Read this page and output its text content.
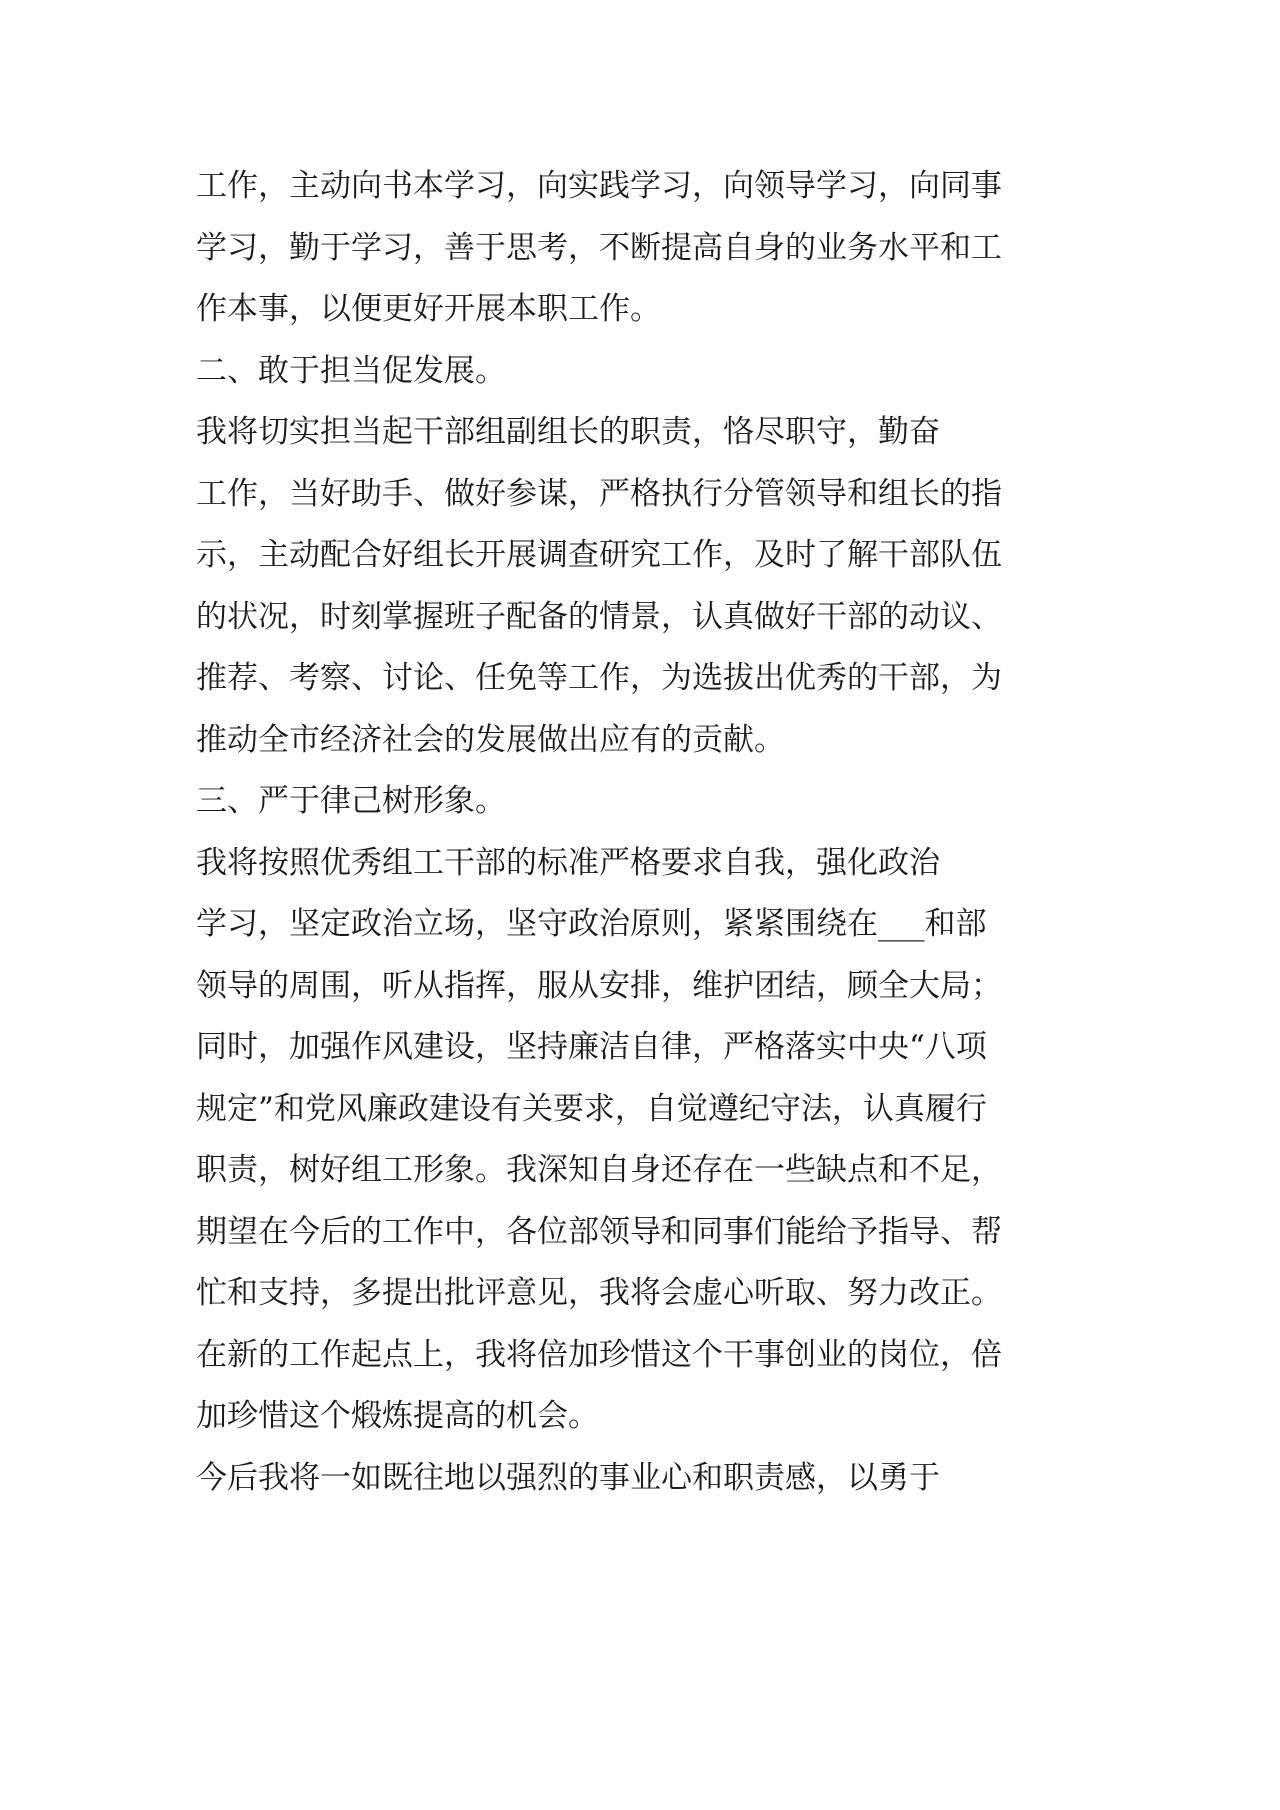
工作，主动向书本学习，向实践学习，向领导学习，向同事
学习，勤于学习，善于思考，不断提高自身的业务水平和工
作本事，以便更好开展本职工作。
二、敢于担当促发展。
我将切实担当起干部组副组长的职责，恪尽职守，勤奋
工作，当好助手、做好参谋，严格执行分管领导和组长的指
示，主动配合好组长开展调查研究工作，及时了解干部队伍
的状况，时刻掌握班子配备的情景，认真做好干部的动议、
推荐、考察、讨论、任免等工作，为选拔出优秀的干部，为
推动全市经济社会的发展做出应有的贡献。
三、严于律己树形象。
我将按照优秀组工干部的标准严格要求自我，强化政治
学习，坚定政治立场，坚守政治原则，紧紧围绕在___和部
领导的周围，听从指挥，服从安排，维护团结，顾全大局；
同时，加强作风建设，坚持廉洁自律，严格落实中央“八项
规定”和党风廉政建设有关要求，自觉遵纪守法，认真履行
职责，树好组工形象。我深知自身还存在一些缺点和不足，
期望在今后的工作中，各位部领导和同事们能给予指导、帮
忙和支持，多提出批评意见，我将会虚心听取、努力改正。
在新的工作起点上，我将倍加珍惜这个干事创业的岗位，倍
加珍惜这个煅炼提高的机会。
今后我将一如既往地以强烈的事业心和职责感，以勇于
